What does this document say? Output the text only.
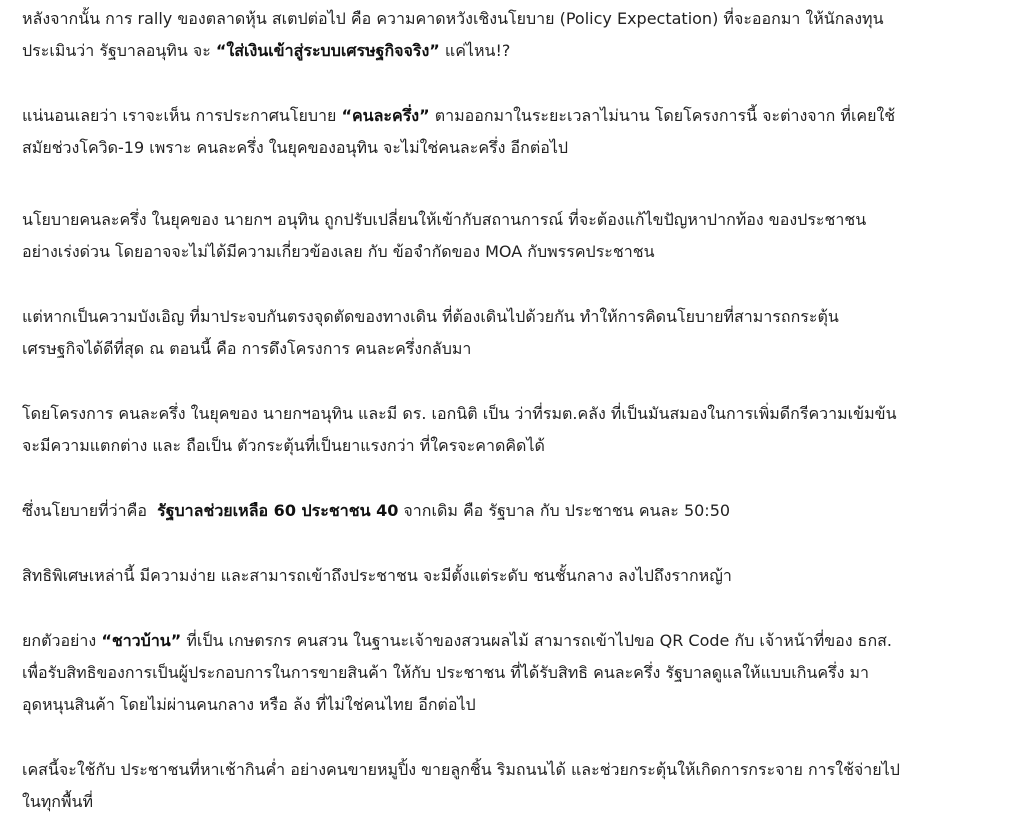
หลังจากนั้น การ rally ของตลาดหุ้น สเตปต่อไป คือ ความคาดหวังเชิงนโยบาย (Policy Expectation) ที่จะออกมา ให้นักลงทุน
ประเมินว่า รัฐบาลอนุทิน จะ “ใส่เงินเข้าสู่ระบบเศรษฐกิจจริง” แค่ไหน!?

แน่นอนเลยว่า เราจะเห็น การประกาศนโยบาย “คนละครึ่ง” ตามออกมาในระยะเวลาไม่นาน โดยโครงการนี้ จะต่างจาก ที่เคยใช้
สมัยช่วงโควิด-19 เพราะ คนละครึ่ง ในยุคของอนุทิน จะไม่ใช่คนละครึ่ง อีกต่อไป

นโยบายคนละครึ่ง ในยุคของ นายกฯ อนุทิน ถูกปรับเปลี่ยนให้เข้ากับสถานการณ์ ที่จะต้องแก้ไขปัญหาปากท้อง ของประชาชน
อย่างเร่งด่วน โดยอาจจะไม่ได้มีความเกี่ยวข้องเลย กับ ข้อจำกัดของ MOA กับพรรคประชาชน

แต่หากเป็นความบังเอิญ ที่มาประจบกันตรงจุดตัดของทางเดิน ที่ต้องเดินไปด้วยกัน ทำให้การคิดนโยบายที่สามารถกระตุ้น
เศรษฐกิจได้ดีที่สุด ณ ตอนนี้ คือ การดึงโครงการ คนละครึ่งกลับมา

โดยโครงการ คนละครึ่ง ในยุคของ นายกฯอนุทิน และมี ดร. เอกนิติ เป็น ว่าที่รมต.คลัง ที่เป็นมันสมองในการเพิ่มดีกรีความเข้มข้น
จะมีความแตกต่าง และ ถือเป็น ตัวกระตุ้นที่เป็นยาแรงกว่า ที่ใครจะคาดคิดได้

ซึ่งนโยบายที่ว่าคือ  รัฐบาลช่วยเหลือ 60 ประชาชน 40 จากเดิม คือ รัฐบาล กับ ประชาชน คนละ 50:50

สิทธิพิเศษเหล่านี้ มีความง่าย และสามารถเข้าถึงประชาชน จะมีตั้งแต่ระดับ ชนชั้นกลาง ลงไปถึงรากหญ้า

ยกตัวอย่าง “ชาวบ้าน” ที่เป็น เกษตรกร คนสวน ในฐานะเจ้าของสวนผลไม้ สามารถเข้าไปขอ QR Code กับ เจ้าหน้าที่ของ ธกส.
เพื่อรับสิทธิของการเป็นผู้ประกอบการในการขายสินค้า ให้กับ ประชาชน ที่ได้รับสิทธิ คนละครึ่ง รัฐบาลดูแลให้แบบเกินครึ่ง มา
อุดหนุนสินค้า โดยไม่ผ่านคนกลาง หรือ ล้ง ที่ไม่ใช่คนไทย อีกต่อไป

เคสนี้จะใช้กับ ประชาชนที่หาเช้ากินค่ำ อย่างคนขายหมูปิ้ง ขายลูกชิ้น ริมถนนได้ และช่วยกระตุ้นให้เกิดการกระจาย การใช้จ่ายไป
ในทุกพื้นที่
